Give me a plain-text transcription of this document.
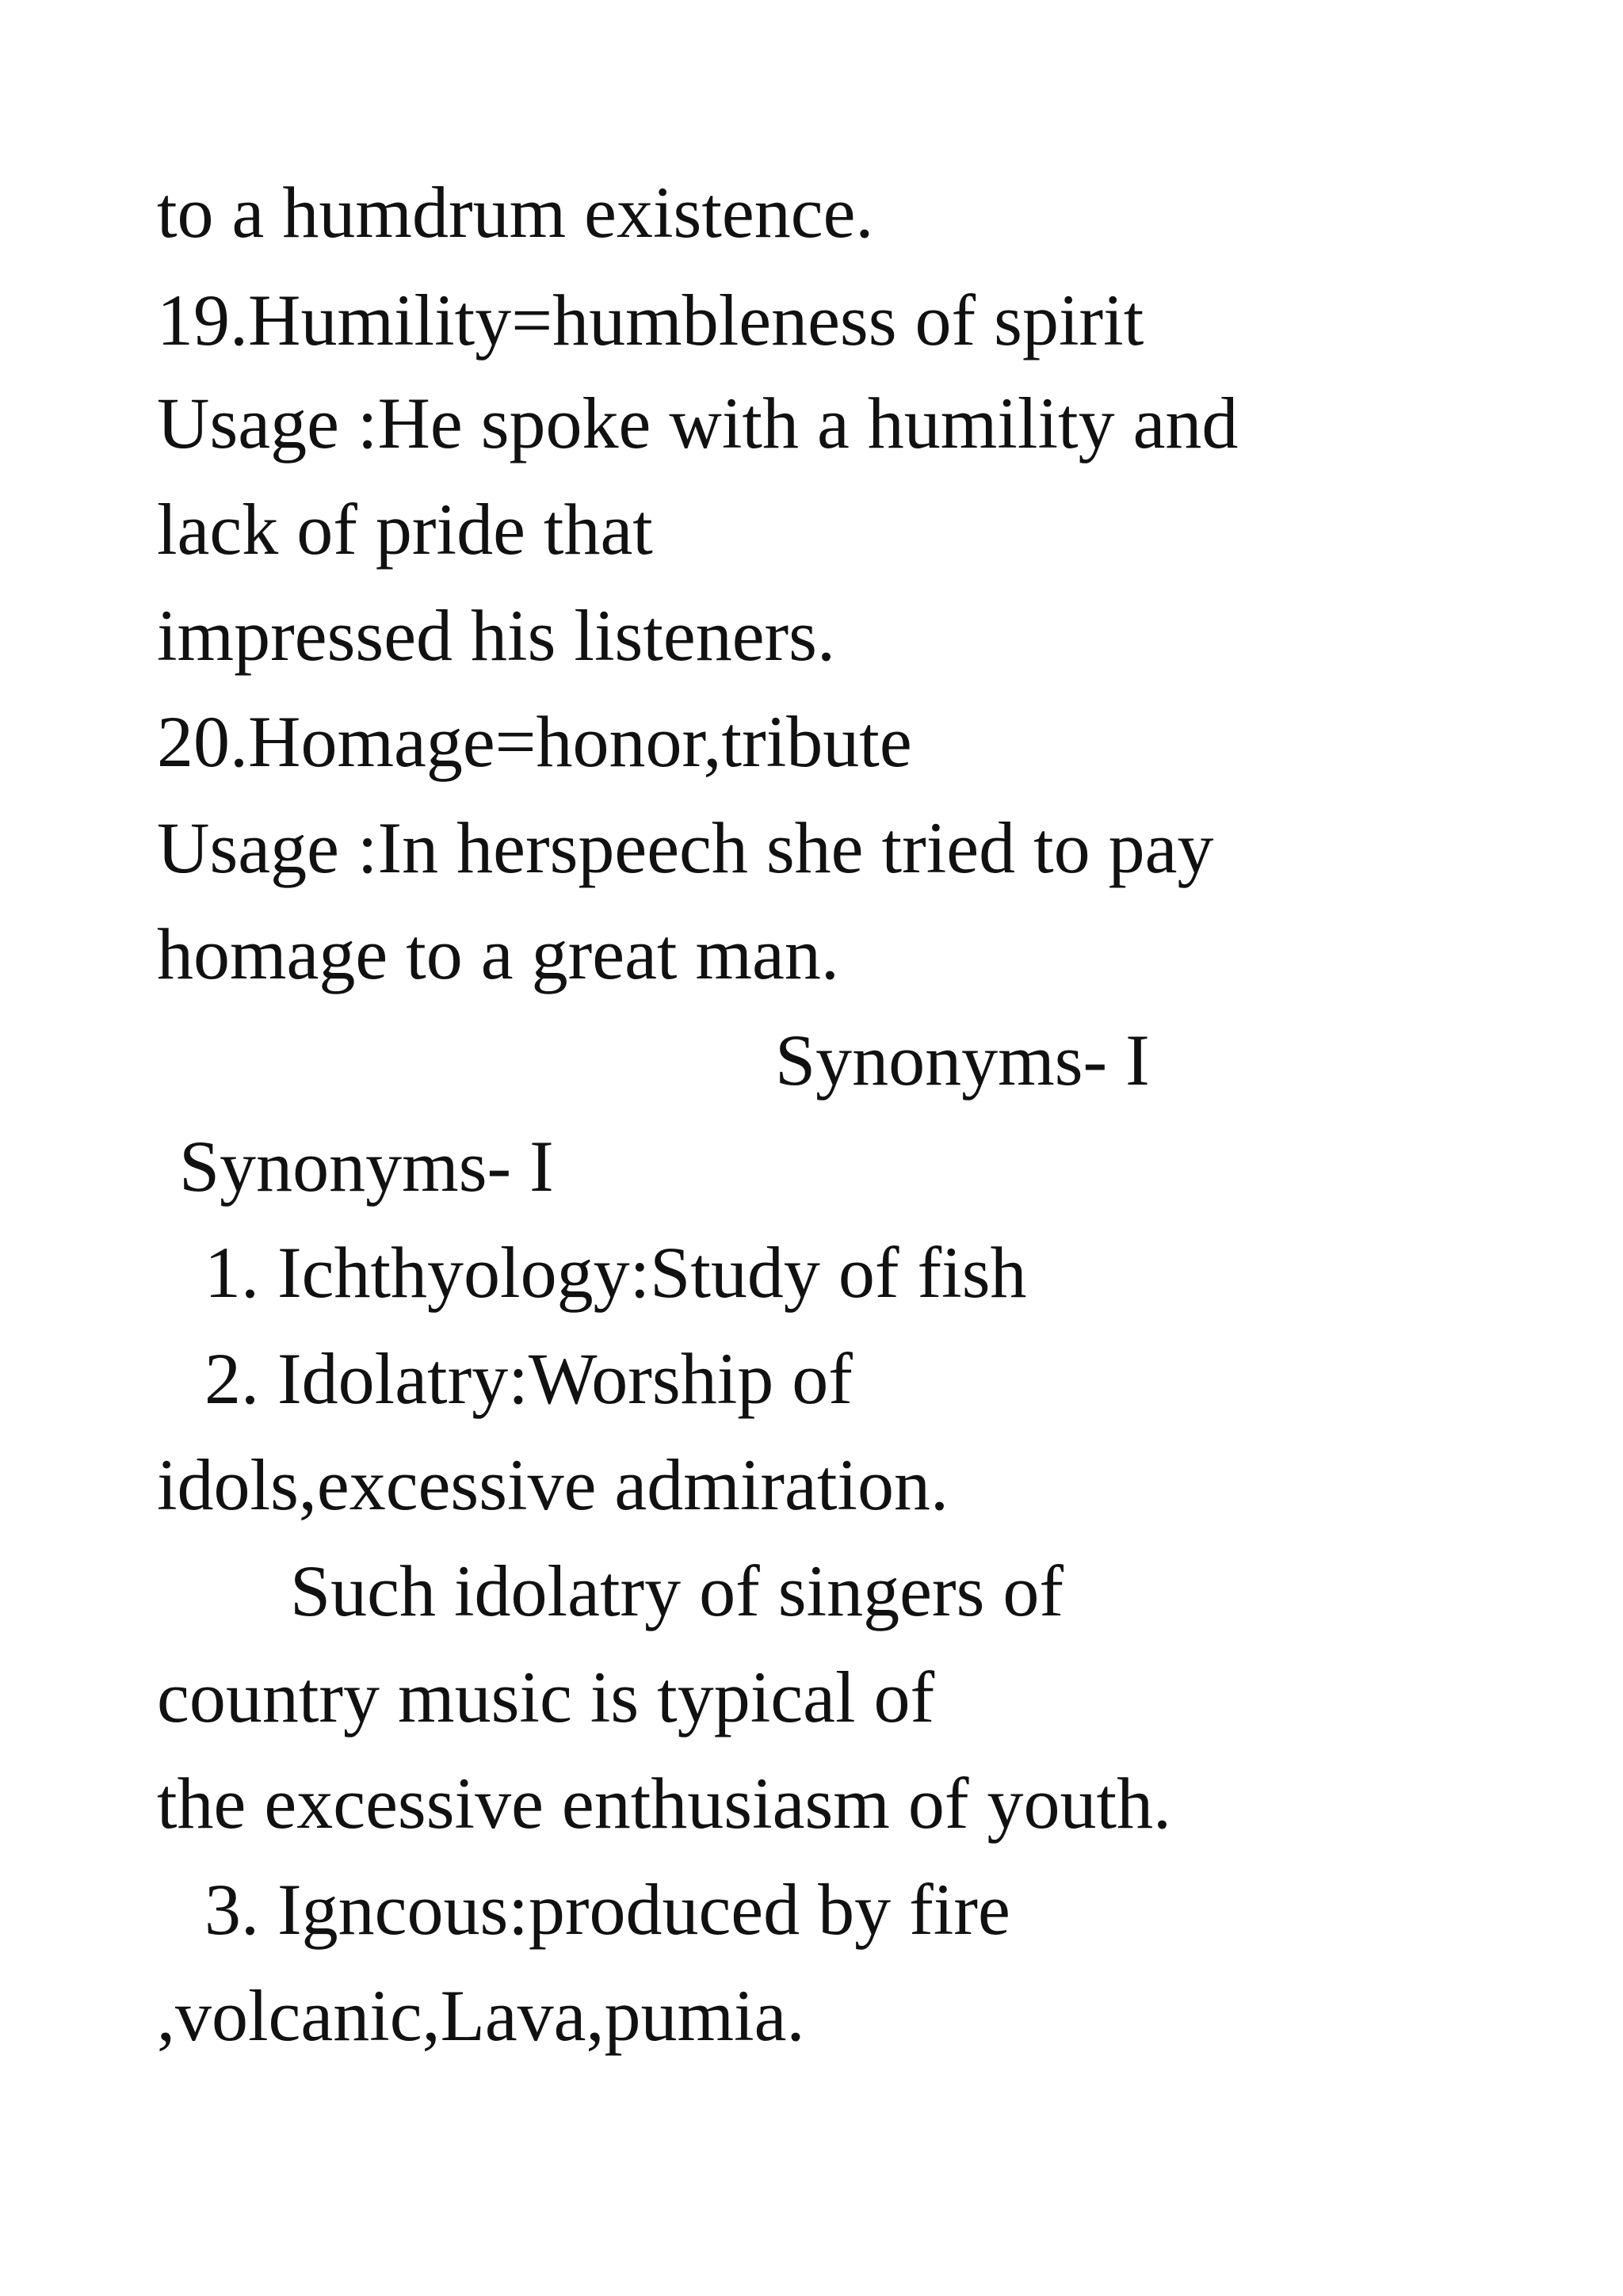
to a humdrum existence.

19.Humility=humbleness of spirit

Usage :He spoke with a humility and

lack of pride that

impressed his listeners.

20.Homage=honor,tribute

Usage :In herspeech she tried to pay

homage to a great man.

Synonyms- I

Synonyms- I

1. Ichthyology:Study of fish

2. Idolatry:Worship of

idols,excessive admiration.

Such idolatry of singers of

country music is typical of

the excessive enthusiasm of youth.

3. Igncous:produced by fire

,volcanic,Lava,pumia.
